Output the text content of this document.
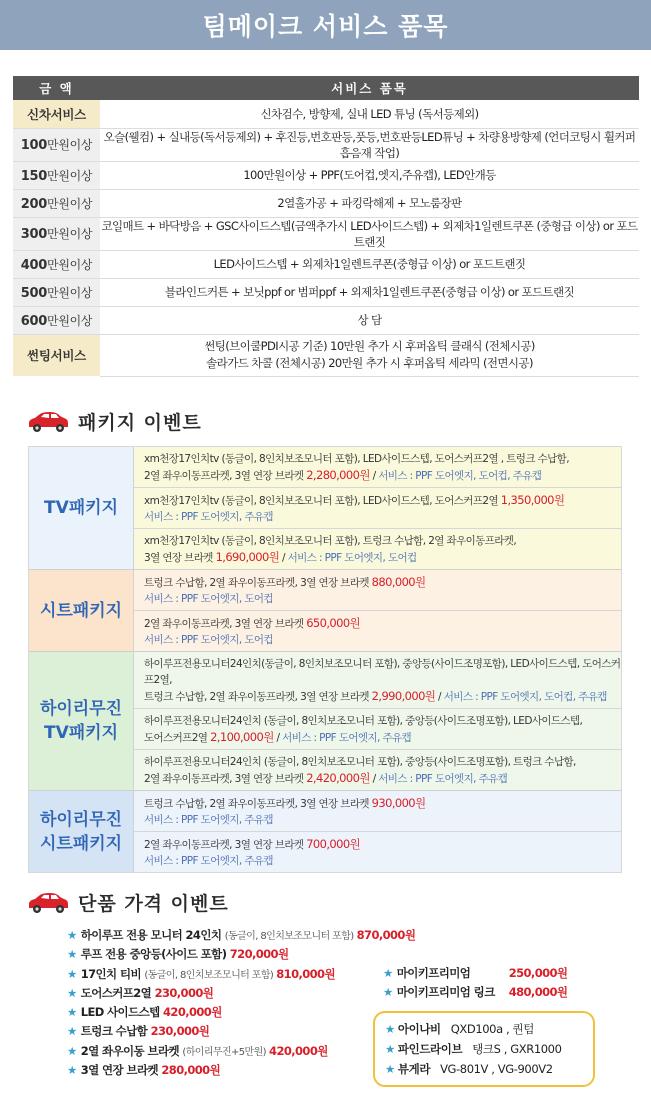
팀메이크 서비스 품목
금 액	서비스 품목
신차서비스	신차검수, 방향제, 실내 LED 튜닝 (독서등제외)

100만원이상	오슬(웰컴) + 실내등(독서등제외) + 후진등,번호판등,풋등,번호판등LED튜닝 + 차량용방향제 (언더코팅시 휠커퍼 흡음재 작업)

150만원이상	100만원이상 + PPF(도어컵,엣지,주유캡), LED안개등

200만원이상	2열홀가공 + 파킹락해제 + 모노룸장판

300만원이상	코일매트 + 바닥방음 + GSC사이드스텝(금액추가시 LED사이드스텝) + 외제차1일렌트쿠폰 (중형급 이상) or 포드트랜짓

400만원이상	LED사이드스텝 + 외제차1일렌트쿠폰(중형급 이상) or 포드트랜짓

500만원이상	블라인드커튼 + 보닛ppf or 범퍼ppf + 외제차1일렌트쿠폰(중형급 이상) or 포드트랜짓

600만원이상	상 담

썬팅서비스	썬팅(브이쿨PDI시공 기준) 10만원 추가 시 후퍼옵틱 클래식 (전체시공)
솔라가드 차콜 (전체시공) 20만원 추가 시 후퍼옵틱 세라믹 (전면시공)
패키지 이벤트
TV패키지
xm천장17인치tv (동글이, 8인치보조모니터 포함), LED사이드스텝, 도어스커프2열 , 트렁크 수납함,
2열 좌우이동프라켓, 3열 연장 브라켓 2,280,000원 / 서비스 : PPF 도어엣지, 도어컵, 주유캡
xm천장17인치tv (동글이, 8인치보조모니터 포함), LED사이드스텝, 도어스커프2열 1,350,000원
서비스 : PPF 도어엣지, 주유캡
xm천장17인치tv (동글이, 8인치보조모니터 포함), 트렁크 수납함, 2열 좌우이동프라켓,
3열 연장 브라켓 1,690,000원 / 서비스 : PPF 도어엣지, 도어컵
시트패키지
트렁크 수납함, 2열 좌우이동프라켓, 3열 연장 브라켓 880,000원
서비스 : PPF 도어엣지, 도어컵
2열 좌우이동프라켓, 3열 연장 브라켓 650,000원
서비스 : PPF 도어엣지, 도어컵
하이리무진
TV패키지
하이루프전용모니터24인치(동글이, 8인치보조모니터 포함), 중앙등(사이드조명포함), LED사이드스텝, 도어스커프2열,
트렁크 수납함, 2열 좌우이동프라켓, 3열 연장 브라켓 2,990,000원 / 서비스 : PPF 도어엣지, 도어컵, 주유캡
하이루프전용모니터24인치 (동글이, 8인치보조모니터 포함), 중앙등(사이드조명포함), LED사이드스텝,
도어스커프2열 2,100,000원 / 서비스 : PPF 도어엣지, 주유캡
하이루프전용모니터24인치 (동글이, 8인치보조모니터 포함), 중앙등(사이드조명포함), 트렁크 수납함,
2열 좌우이동프라켓, 3열 연장 브라켓 2,420,000원 / 서비스 : PPF 도어엣지, 주유캡
하이리무진
시트패키지
트렁크 수납함, 2열 좌우이동프라켓, 3열 연장 브라켓 930,000원
서비스 : PPF 도어엣지, 주유캡
2열 좌우이동프라켓, 3열 연장 브라켓 700,000원
서비스 : PPF 도어엣지, 주유캡
단품 가격 이벤트
★ 하이루프 전용 모니터 24인치 (동글이, 8인치보조모니터 포함) 870,000원
★ 루프 전용 중앙등(사이드 포함) 720,000원
★ 17인치 티비 (동글이, 8인치보조모니터 포함) 810,000원
★ 도어스커프2열 230,000원
★ LED 사이드스텝 420,000원
★ 트렁크 수납함 230,000원
★ 2열 좌우이동 브라켓 (하이리무진+5만원) 420,000원
★ 3열 연장 브라켓 280,000원
★ 마이키프리미엄	250,000원
★ 마이키프리미엄 링크 480,000원
★ 아이나비 QXD100a , 퀀텀
★ 파인드라이브 탱크S , GXR1000
★ 뷰게라 VG-801V , VG-900V2
